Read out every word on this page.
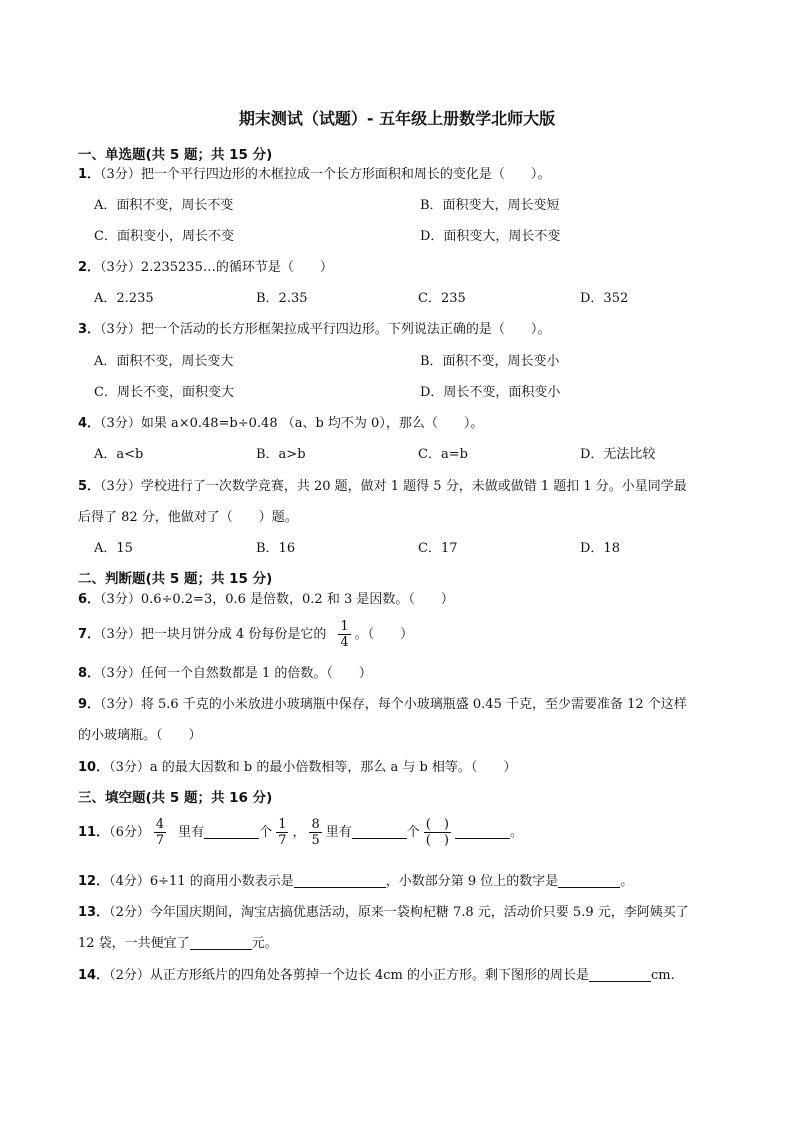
期末测试（试题）- 五年级上册数学北师大版
一、单选题(共 5 题；共 15 分)
1．（3分）把一个平行四边形的木框拉成一个长方形面积和周长的变化是（　　）。
A．面积不变，周长不变	B．面积变大，周长变短
C．面积变小，周长不变	D．面积变大，周长不变
2．（3分）2.235235…的循环节是（　　）
A．2.235	B．2.35	C．235	D．352
3．（3分）把一个活动的长方形框架拉成平行四边形。下列说法正确的是（　　）。
A．面积不变，周长变大	B．面积不变，周长变小
C．周长不变，面积变大	D．周长不变，面积变小
4．（3分）如果 a×0.48=b÷0.48 （a、b 均不为 0），那么（　　）。
A．a<b	B．a>b	C．a=b	D．无法比较
5．（3分）学校进行了一次数学竞赛，共 20 题，做对 1 题得 5 分，未做或做错 1 题扣 1 分。小星同学最
后得了 82 分，他做对了（　　）题。
A．15	B．16	C．17	D．18
二、判断题(共 5 题；共 15 分)
6．（3分）0.6÷0.2=3，0.6 是倍数，0.2 和 3 是因数。（　　）
7．（3分）把一块月饼分成 4 份每份是它的 $\frac{1}{4}$ 。（　　）
8．（3分）任何一个自然数都是 1 的倍数。（　　）
9．（3分）将 5.6 千克的小米放进小玻璃瓶中保存，每个小玻璃瓶盛 0.45 千克，至少需要准备 12 个这样
的小玻璃瓶。（　　）
10．（3分）a 的最大因数和 b 的最小倍数相等，那么 a 与 b 相等。（　　）
三、填空题(共 5 题；共 16 分)
11．（6分） $\frac{4}{7}$ 里有	个 $\frac{1}{7}$ ， $\frac{8}{5}$ 里有	个 $\frac{( )}{( )}$	。
12．（4分）6÷11 的商用小数表示是	，小数部分第 9 位上的数字是	。
13．（2分）今年国庆期间，淘宝店搞优惠活动，原来一袋枸杞糖 7.8 元，活动价只要 5.9 元，李阿姨买了
12 袋，一共便宜了	元。
14．（2分）从正方形纸片的四角处各剪掉一个边长 4cm 的小正方形。剩下图形的周长是	cm.
